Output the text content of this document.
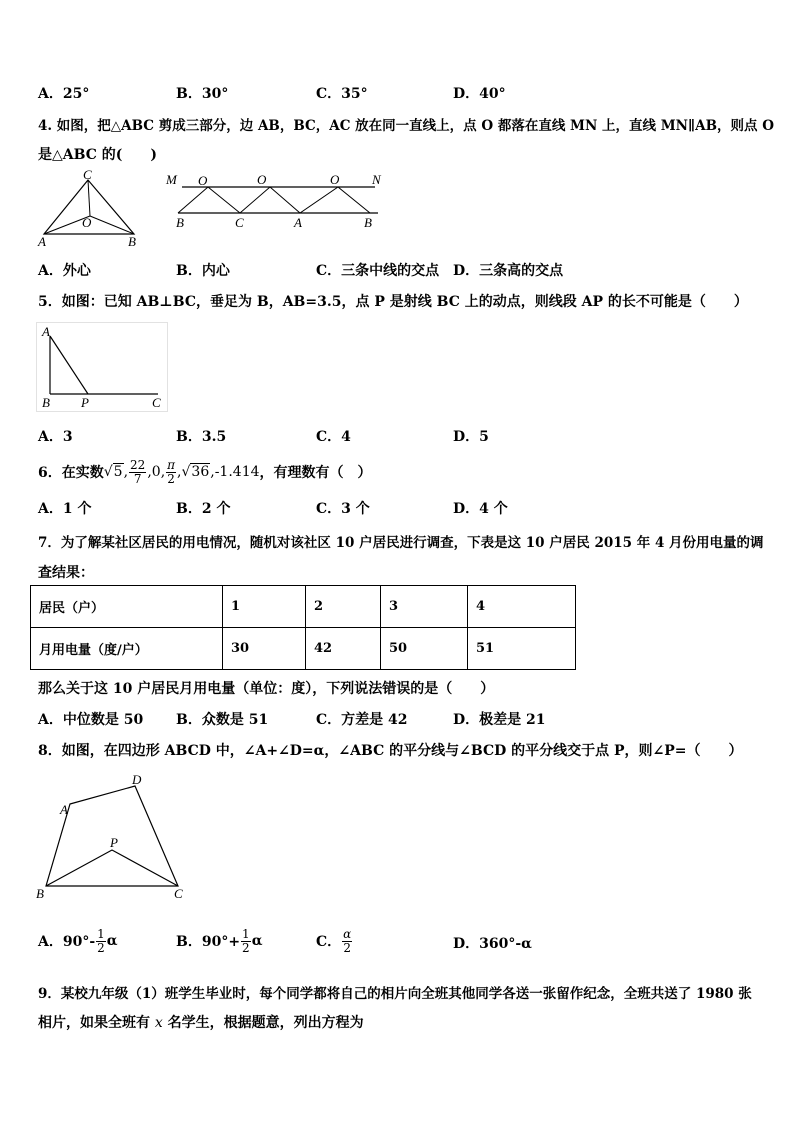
A．25°	B．30°	C．35°	D．40°
4. 如图，把△ABC 剪成三部分，边 AB，BC，AC 放在同一直线上，点 O 都落在直线 MN 上，直线 MN∥AB，则点 O
是△ABC 的(　　)
C
O
A	B
M O	O	O	N
B	C	A	B
A．外心	B．内心	C．三条中线的交点 D．三条高的交点
5．如图：已知 AB⊥BC，垂足为 B，AB=3.5，点 P 是射线 BC 上的动点，则线段 AP 的长不可能是（　　）
A
B P	C
A．3	B．3.5	C．4	D．5
6．在实数 √5 , $\frac{22}{7}$ , 0 , $\frac{\pi}{2}$ , √36 , -1.414 ，有理数有（　）
A．1 个	B．2 个	C．3 个	D．4 个
7．为了解某社区居民的用电情况，随机对该社区 10 户居民进行调查，下表是这 10 户居民 2015 年 4 月份用电量的调
查结果：
居民（户）	1	2	3	4
月用电量（度/户）	30	42	50	51
那么关于这 10 户居民月用电量（单位：度），下列说法错误的是（　　）
A．中位数是 50 B．众数是 51	C．方差是 42	D．极差是 21
8．如图，在四边形 ABCD 中，∠A+∠D=α，∠ABC 的平分线与∠BCD 的平分线交于点 P，则∠P=（　　）
D
A
P
B	C
A．$90^\circ- \frac{1}{2}$ α	B．$90^\circ+ \frac{1}{2}$ α	C． $\frac{\alpha}{2}$	D．360°-α
9．某校九年级（1）班学生毕业时，每个同学都将自己的相片向全班其他同学各送一张留作纪念，全班共送了 1980 张
相片，如果全班有 x 名学生，根据题意，列出方程为
